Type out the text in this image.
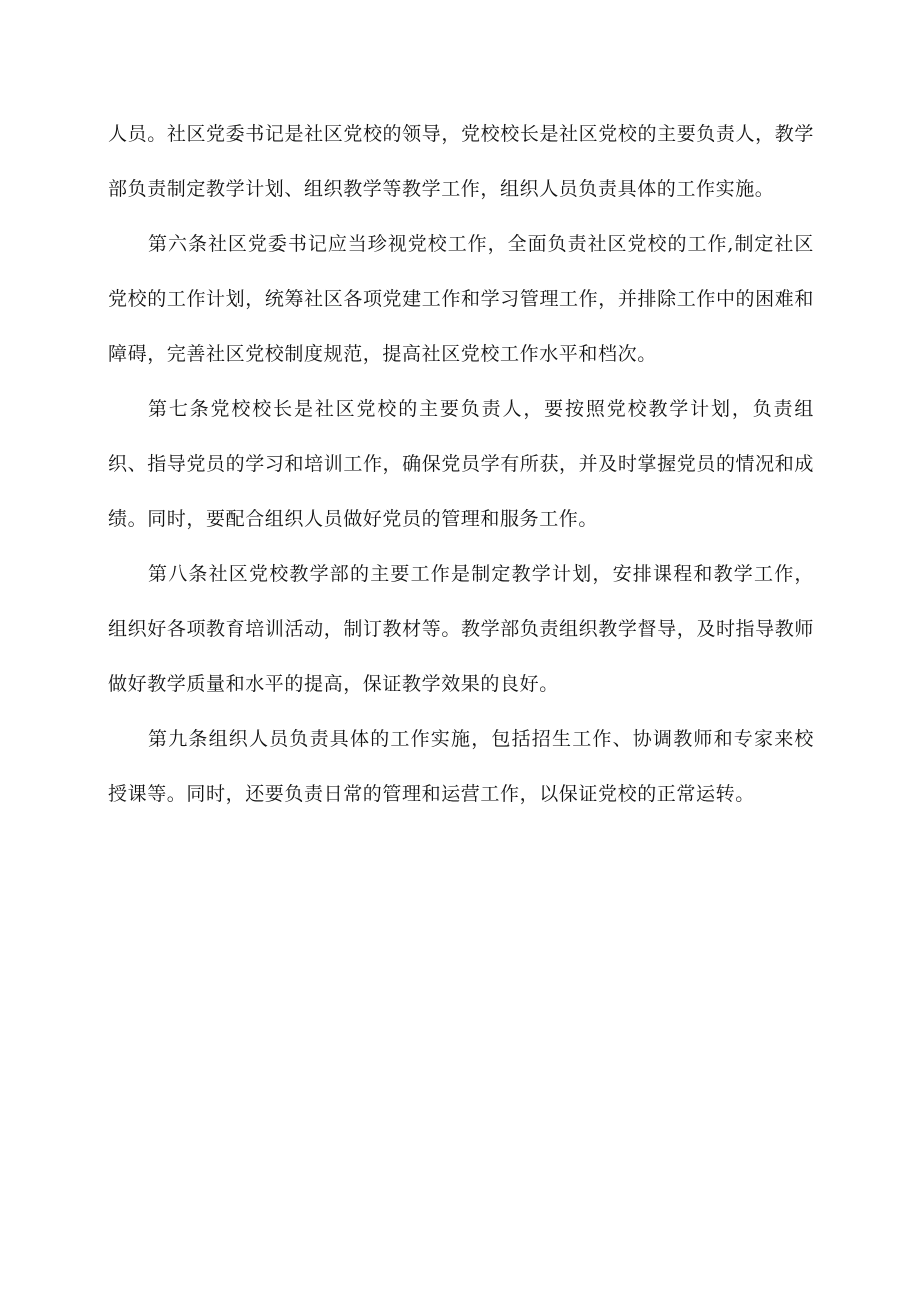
人员。社区党委书记是社区党校的领导，党校校长是社区党校的主要负责人，教学部负责制定教学计划、组织教学等教学工作，组织人员负责具体的工作实施。

第六条社区党委书记应当珍视党校工作，全面负责社区党校的工作,制定社区党校的工作计划，统筹社区各项党建工作和学习管理工作，并排除工作中的困难和障碍，完善社区党校制度规范，提高社区党校工作水平和档次。

第七条党校校长是社区党校的主要负责人，要按照党校教学计划，负责组织、指导党员的学习和培训工作，确保党员学有所获，并及时掌握党员的情况和成绩。同时，要配合组织人员做好党员的管理和服务工作。

第八条社区党校教学部的主要工作是制定教学计划，安排课程和教学工作，组织好各项教育培训活动，制订教材等。教学部负责组织教学督导，及时指导教师做好教学质量和水平的提高，保证教学效果的良好。

第九条组织人员负责具体的工作实施，包括招生工作、协调教师和专家来校授课等。同时，还要负责日常的管理和运营工作，以保证党校的正常运转。
